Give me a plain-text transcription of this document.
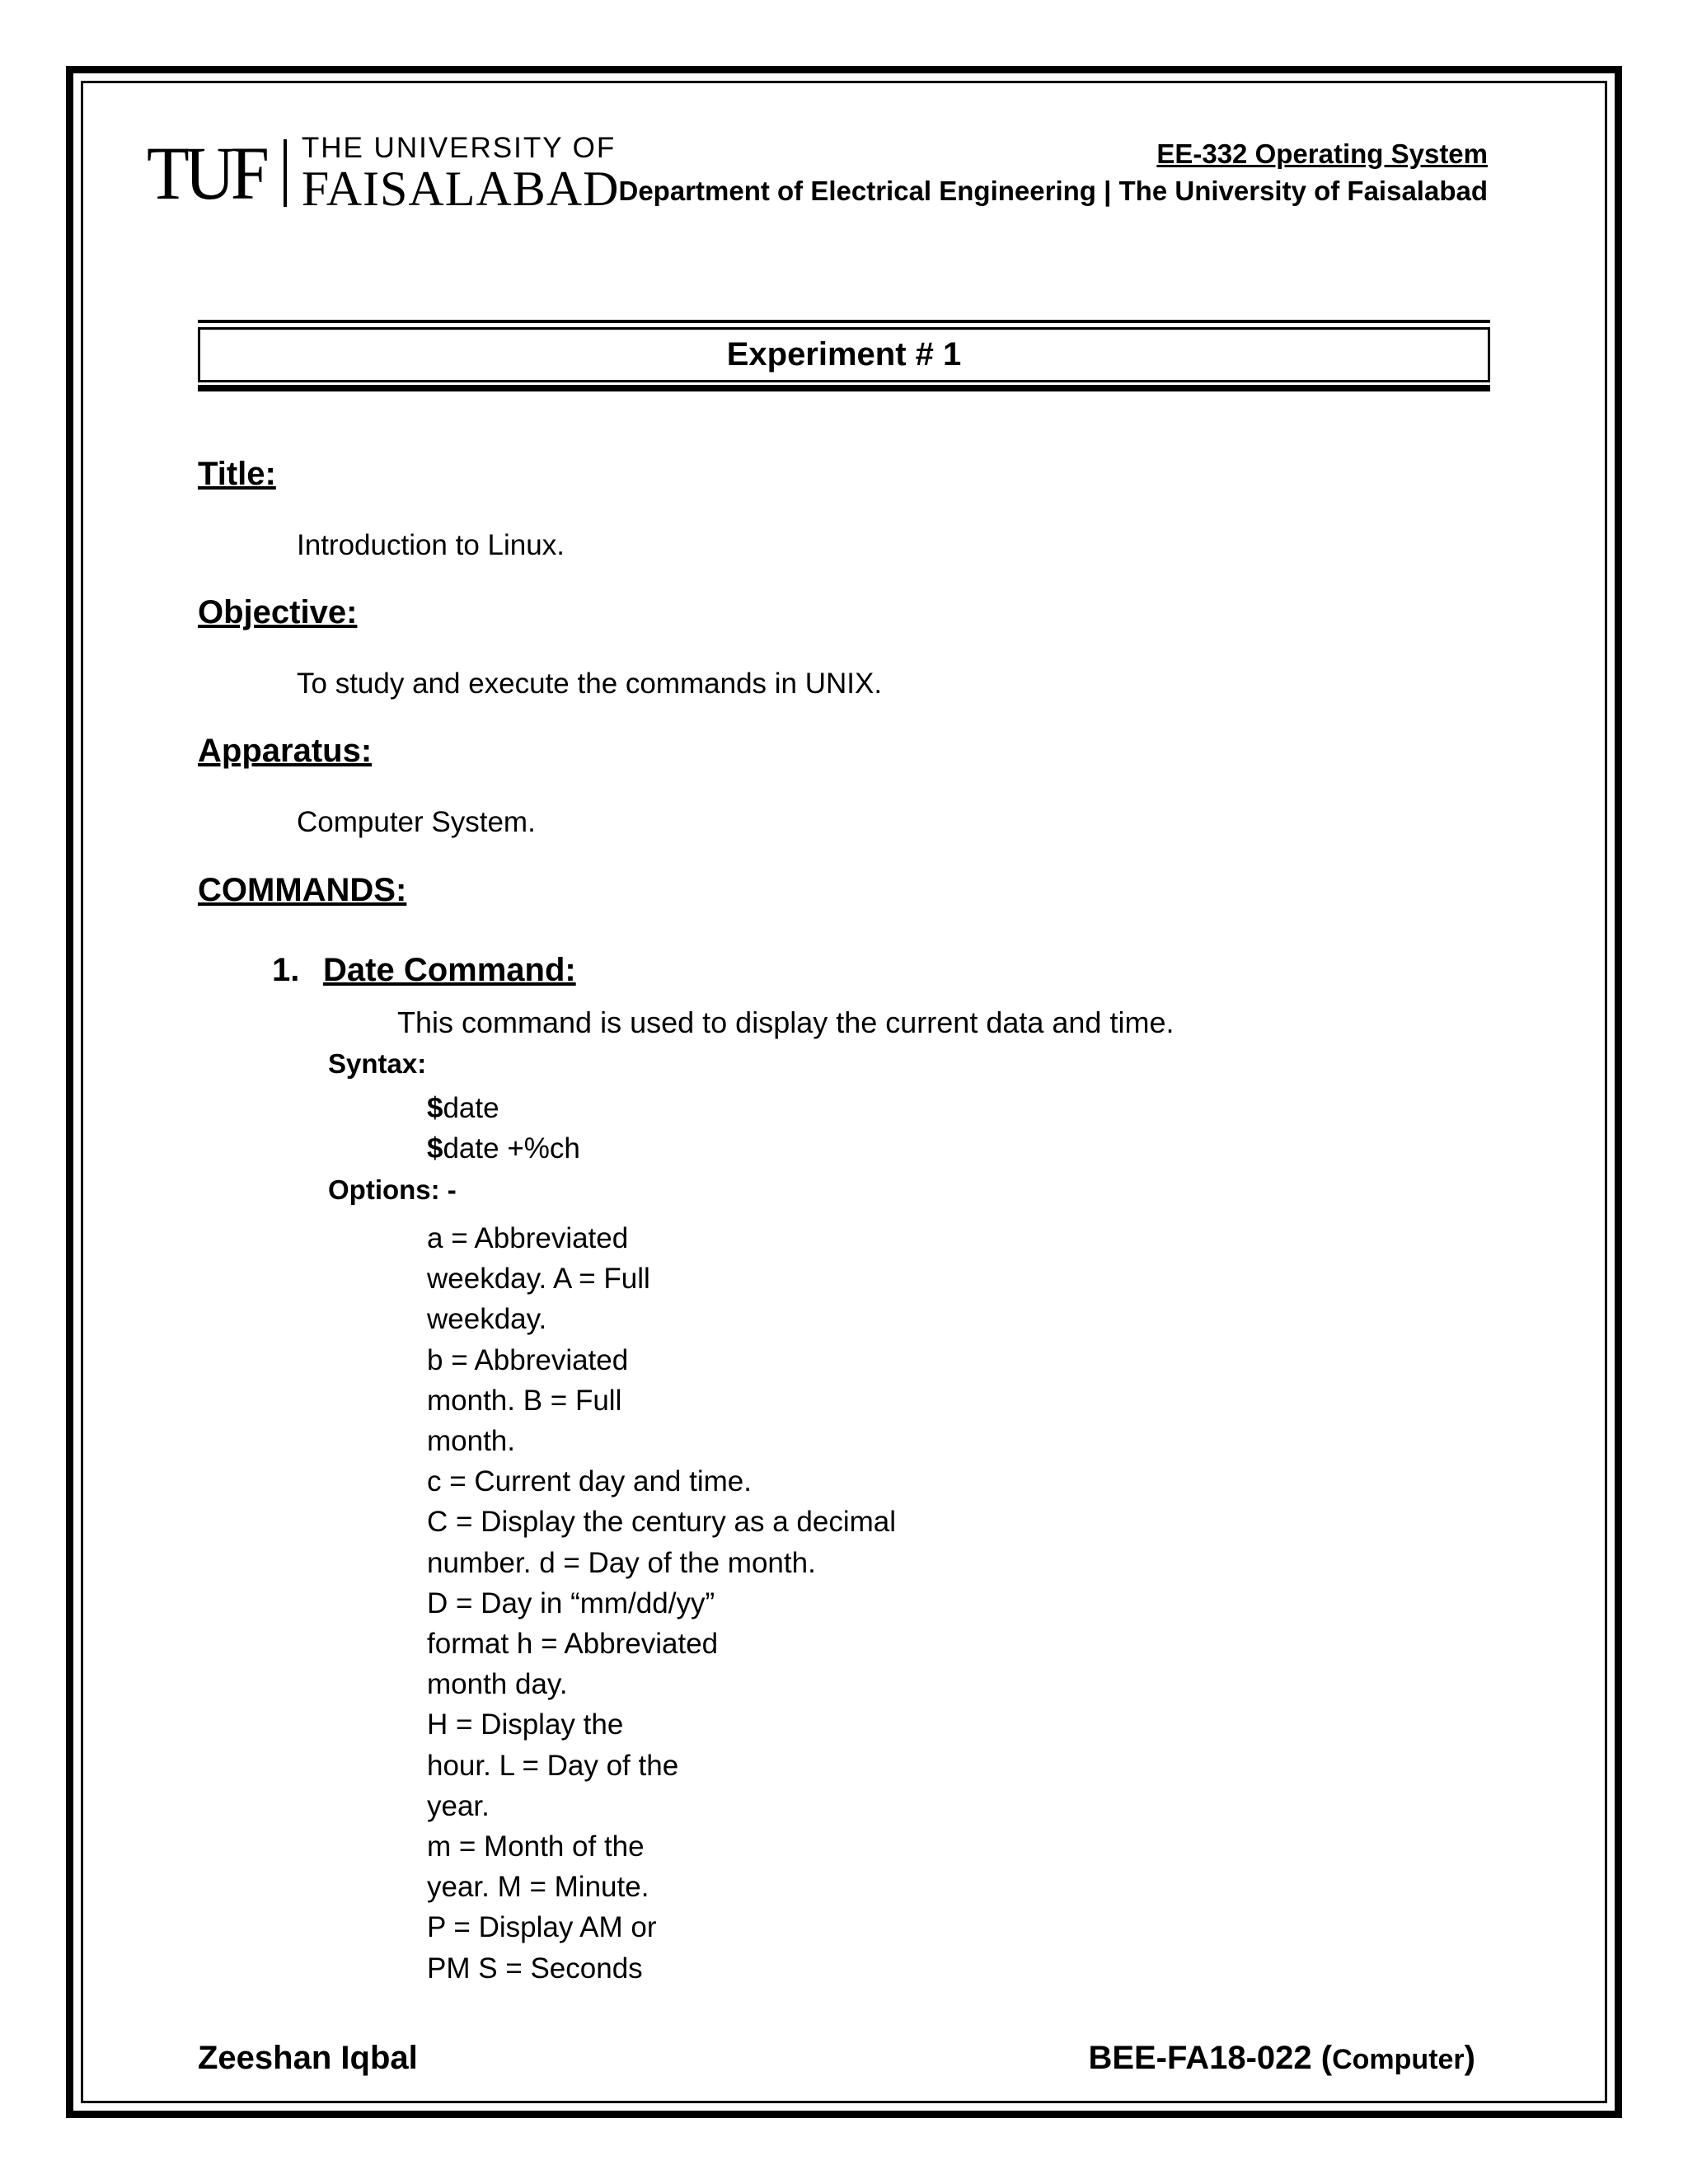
TUF THE UNIVERSITY OF
FAISALABAD
EE-332 Operating System
Department of Electrical Engineering | The University of Faisalabad
Experiment # 1
Title:
Introduction to Linux.
Objective:
To study and execute the commands in UNIX.
Apparatus:
Computer System.
COMMANDS:
1. Date Command:
This command is used to display the current data and time.
Syntax:
$date
$date +%ch
Options: -
a = Abbreviated
weekday. A = Full
weekday.
b = Abbreviated
month. B = Full
month.
c = Current day and time.
C = Display the century as a decimal
number. d = Day of the month.
D = Day in “mm/dd/yy”
format h = Abbreviated
month day.
H = Display the
hour. L = Day of the
year.
m = Month of the
year. M = Minute.
P = Display AM or
PM S = Seconds
Zeeshan Iqbal	BEE-FA18-022 (Computer)
